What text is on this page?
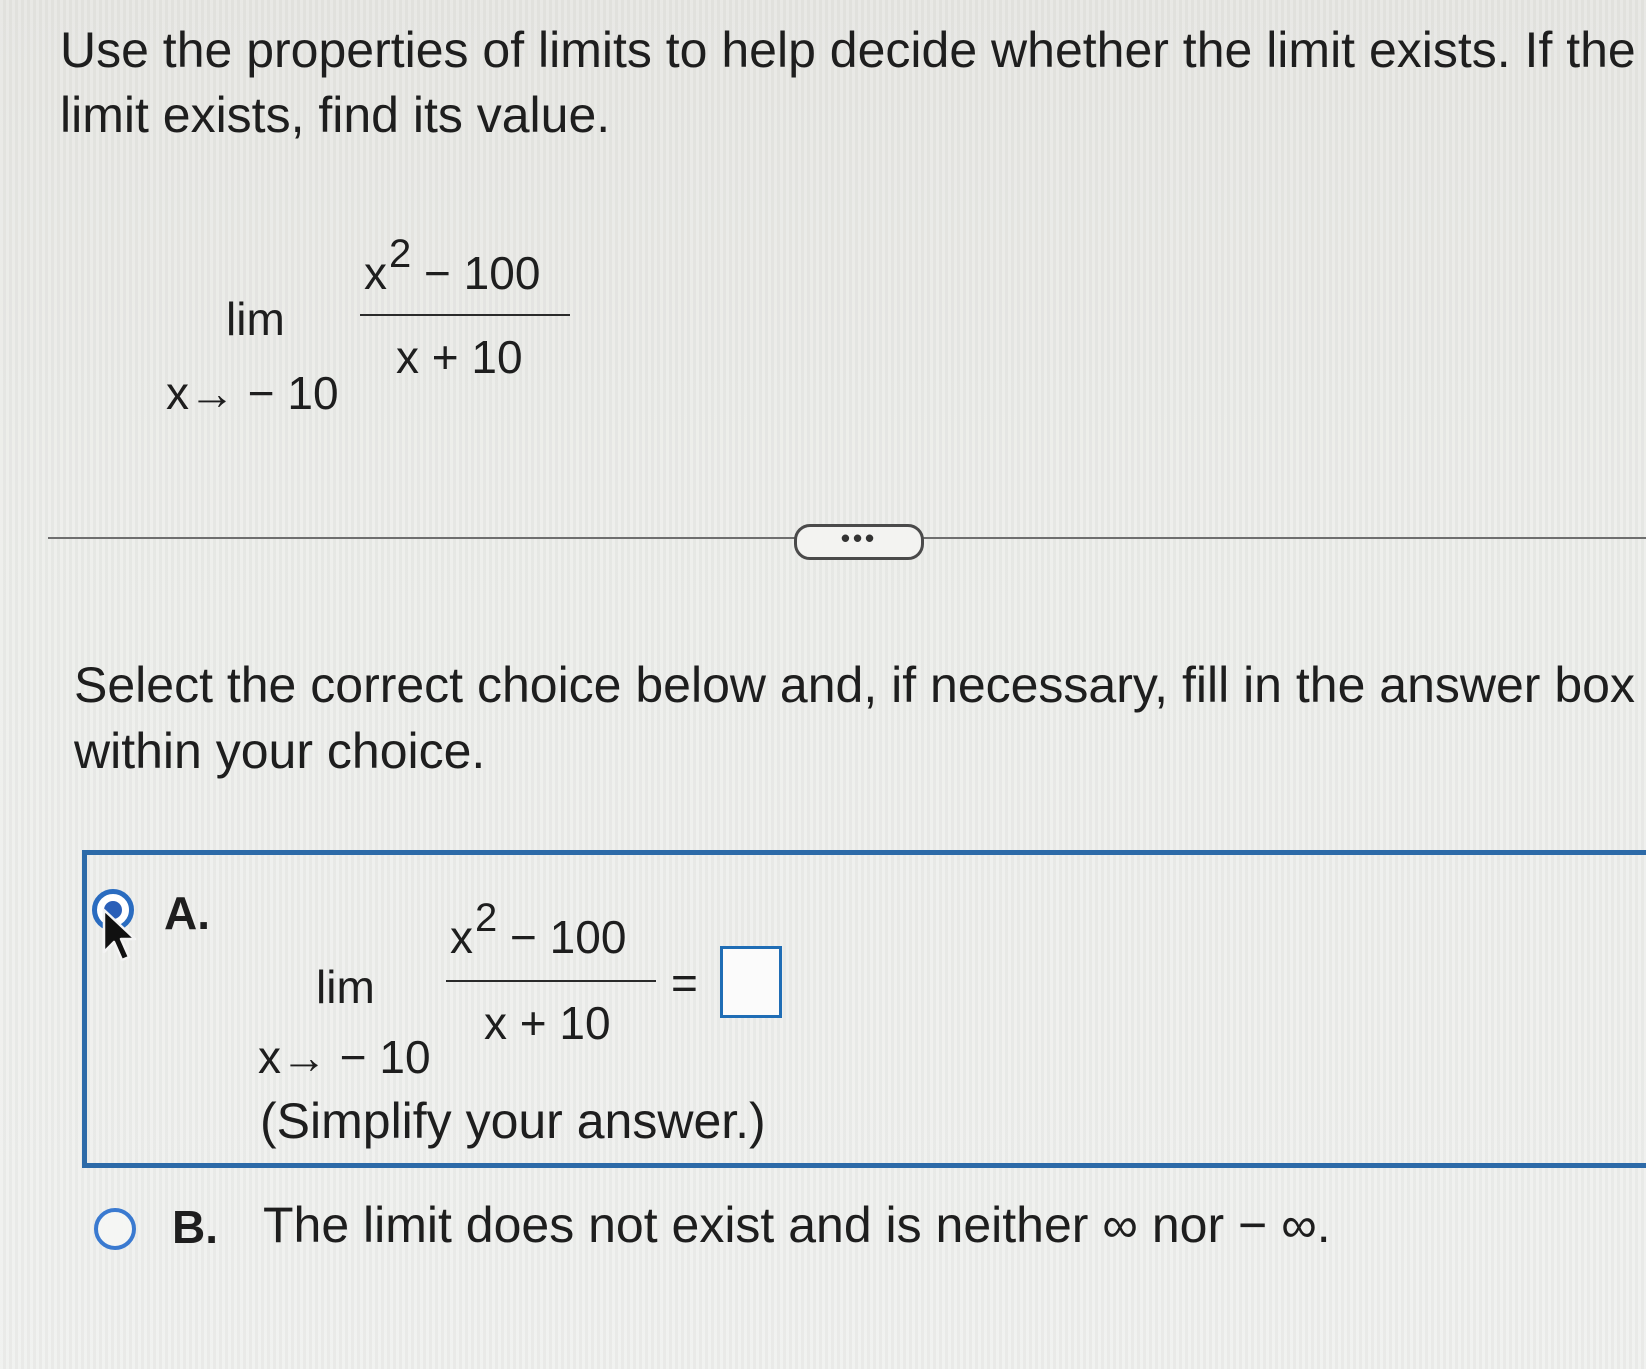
Use the properties of limits to help decide whether the limit exists. If the
limit exists, find its value.
lim
x→ − 10
x2 − 100
x + 10
•••
Select the correct choice below and, if necessary, fill in the answer box
within your choice.
A.
lim
x→ − 10
x2 − 100
x + 10
=
(Simplify your answer.)
B. The limit does not exist and is neither ∞ nor − ∞.
